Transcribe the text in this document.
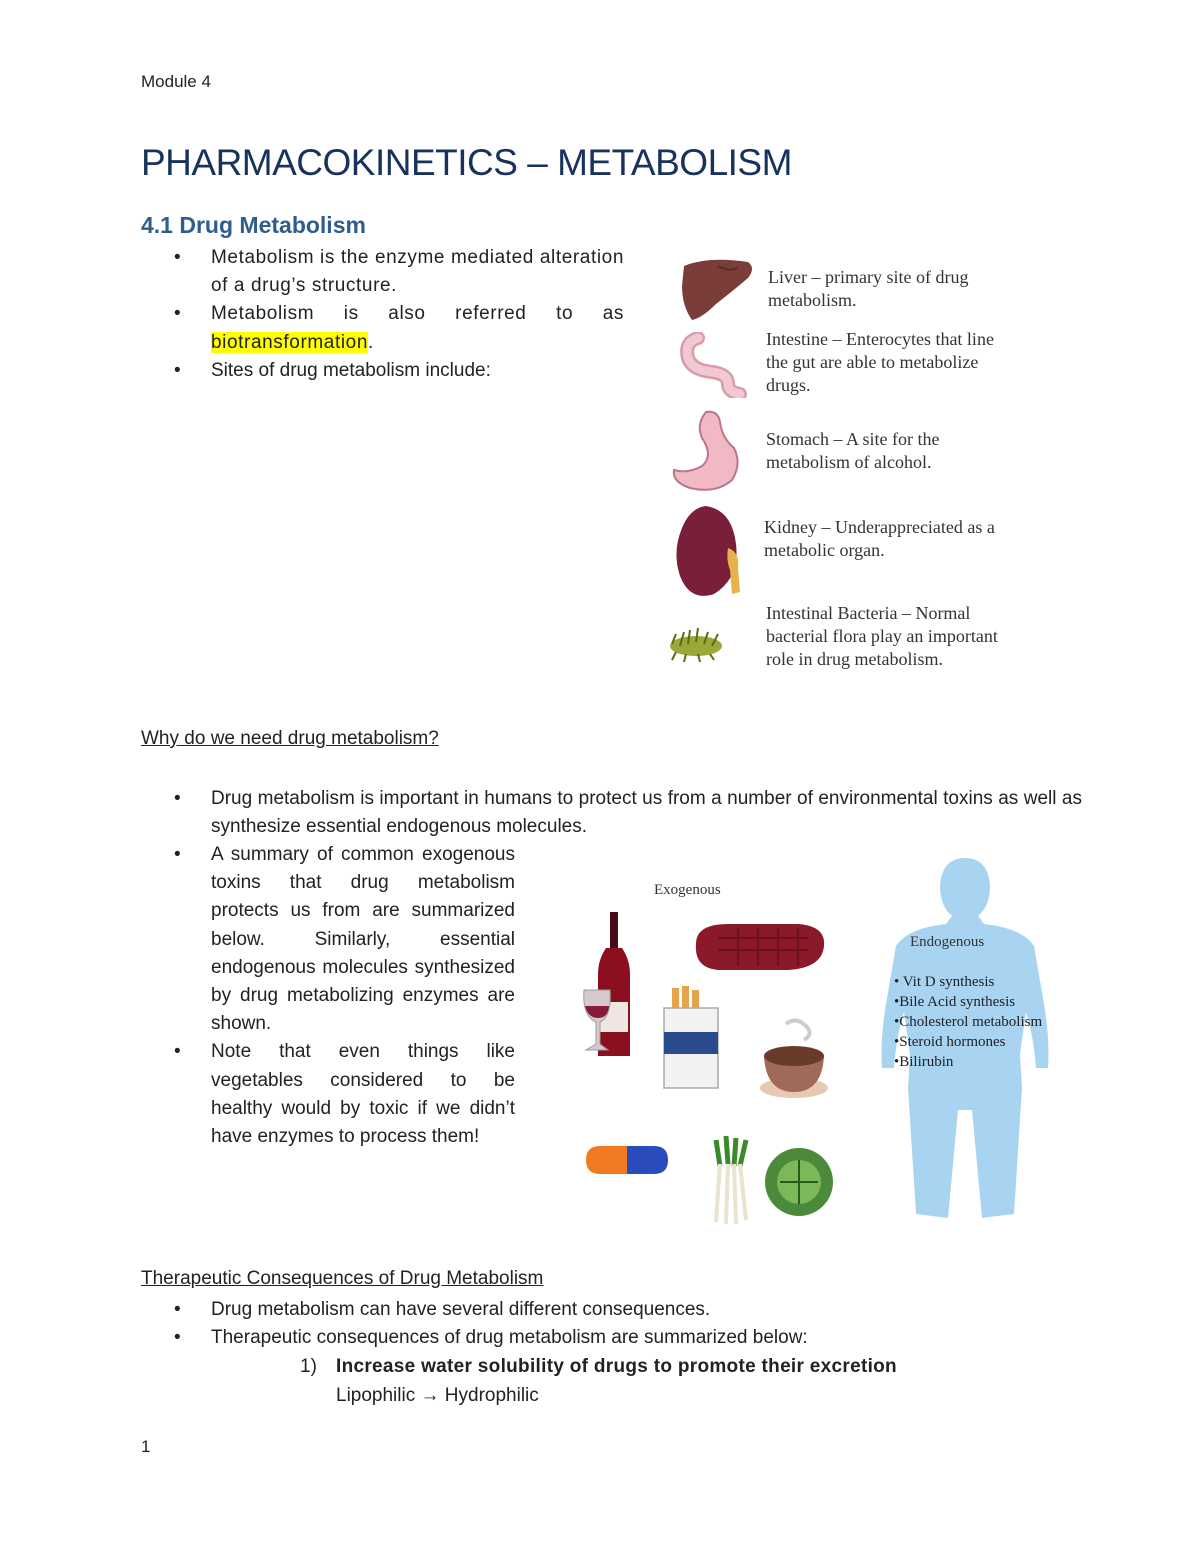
Module 4
PHARMACOKINETICS – METABOLISM
4.1 Drug Metabolism
• Metabolism is the enzyme mediated alteration of a drug’s structure.
• Metabolism is also referred to as biotransformation.
• Sites of drug metabolism include:
Liver – primary site of drug
metabolism.
Intestine – Enterocytes that line
the gut are able to metabolize
drugs.
Stomach – A site for the
metabolism of alcohol.
Kidney – Underappreciated as a
metabolic organ.
Intestinal Bacteria – Normal
bacterial flora play an important
role in drug metabolism.
Why do we need drug metabolism?
• Drug metabolism is important in humans to protect us from a number of environmental toxins as well as synthesize essential endogenous molecules.
• A summary of common exogenous toxins that drug metabolism protects us from are summarized below. Similarly, essential endogenous molecules synthesized by drug metabolizing enzymes are shown.
• Note that even things like vegetables considered to be healthy would by toxic if we didn’t have enzymes to process them!
Exogenous
Endogenous
• Vit D synthesis
•Bile Acid synthesis
•Cholesterol metabolism
•Steroid hormones
•Bilirubin
Therapeutic Consequences of Drug Metabolism
• Drug metabolism can have several different consequences.
• Therapeutic consequences of drug metabolism are summarized below:
1) Increase water solubility of drugs to promote their excretion
Lipophilic → Hydrophilic
1
